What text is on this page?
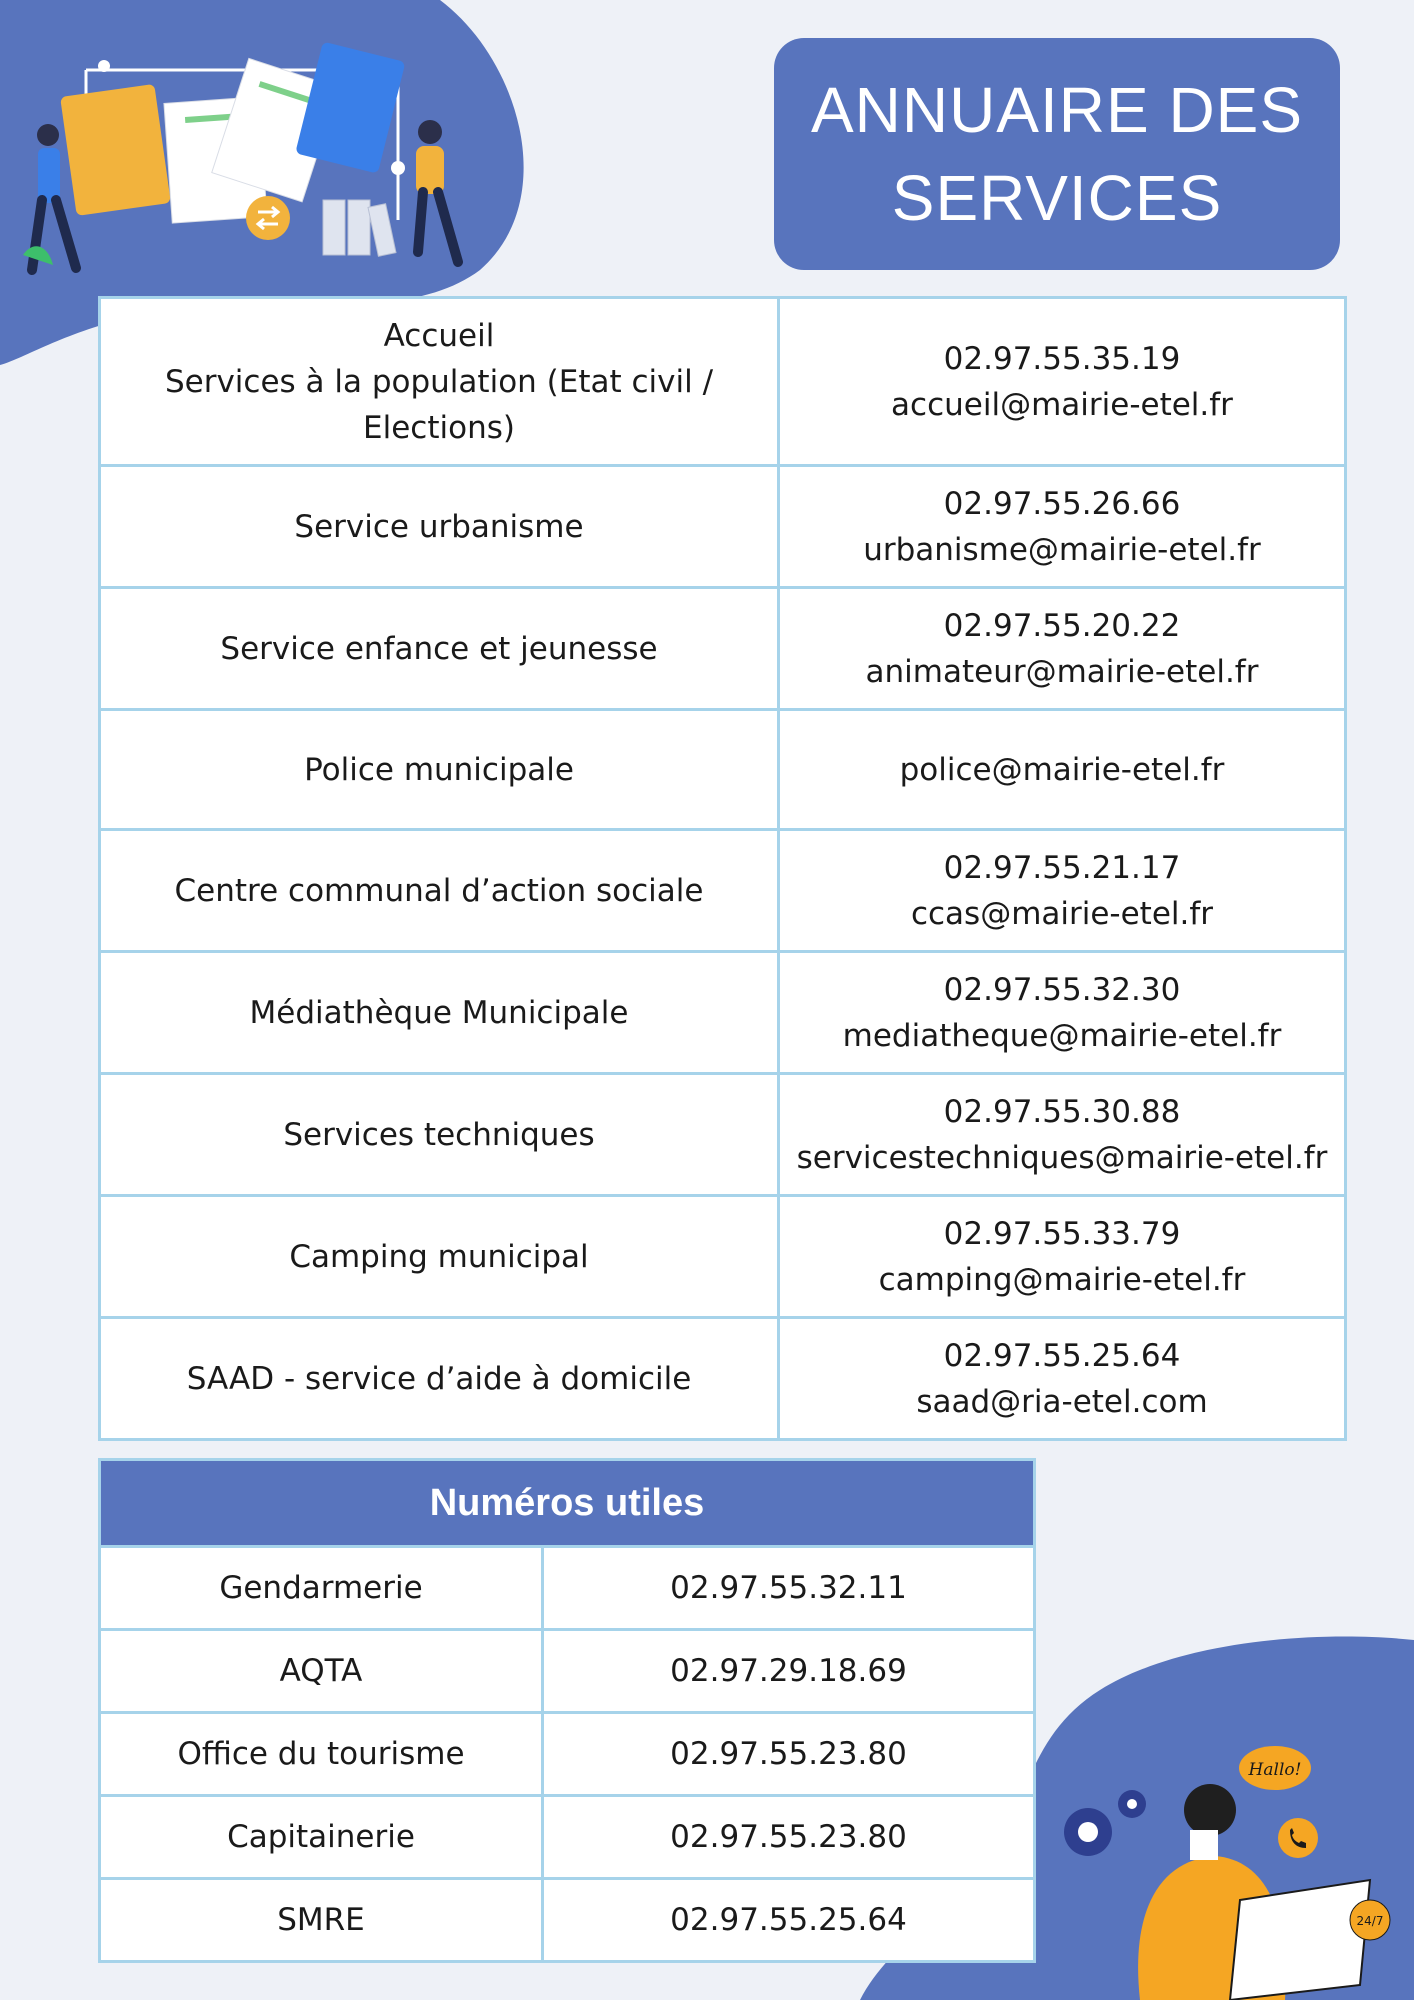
ANNUAIRE DES
SERVICES
Accueil
Services à la population (Etat civil /
Elections)	02.97.55.35.19
accueil@mairie-etel.fr

Service urbanisme	02.97.55.26.66
urbanisme@mairie-etel.fr

Service enfance et jeunesse	02.97.55.20.22
animateur@mairie-etel.fr

Police municipale	police@mairie-etel.fr

Centre communal d’action sociale	02.97.55.21.17
ccas@mairie-etel.fr

Médiathèque Municipale	02.97.55.32.30
mediatheque@mairie-etel.fr

Services techniques	02.97.55.30.88
servicestechniques@mairie-etel.fr

Camping municipal	02.97.55.33.79
camping@mairie-etel.fr

SAAD - service d’aide à domicile	02.97.55.25.64
saad@ria-etel.com
Numéros utiles	
Gendarmerie	02.97.55.32.11
AQTA	02.97.29.18.69
Office du tourisme	02.97.55.23.80
Capitainerie	02.97.55.23.80
SMRE	02.97.55.25.64
Hallo!
24/7
